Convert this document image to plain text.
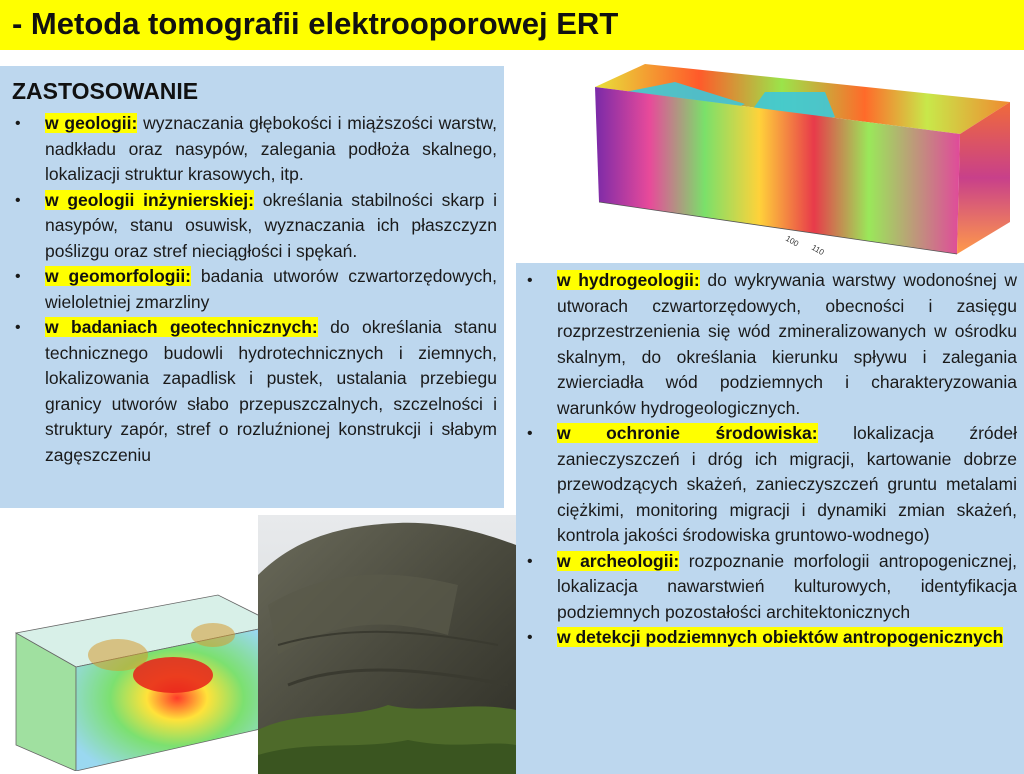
- Metoda tomografii elektrooporowej ERT
ZASTOSOWANIE
• w geologii: wyznaczania głębokości i miąższości warstw, nadkładu oraz nasypów, zalegania podłoża skalnego, lokalizacji struktur krasowych, itp.
• w geologii inżynierskiej: określania stabilności skarp i nasypów, stanu osuwisk, wyznaczania ich płaszczyzn poślizgu oraz stref nieciągłości i spękań.
• w geomorfologii: badania utworów czwartorzędowych, wieloletniej zmarzliny
• w badaniach geotechnicznych: do określania stanu technicznego budowli hydrotechnicznych i ziemnych, lokalizowania zapadlisk i pustek, ustalania przebiegu granicy utworów słabo przepuszczalnych, szczelności i struktury zapór, stref o rozluźnionej konstrukcji i słabym zagęszczeniu
• w hydrogeologii: do wykrywania warstwy wodonośnej w utworach czwartorzędowych, obecności i zasięgu rozprzestrzenienia się wód zmineralizowanych w ośrodku skalnym, do określania kierunku spływu i zalegania zwierciadła wód podziemnych i charakteryzowania warunków hydrogeologicznych.
• w ochronie środowiska: lokalizacja źródeł zanieczyszczeń i dróg ich migracji, kartowanie dobrze przewodzących skażeń, zanieczyszczeń gruntu metalami ciężkimi, monitoring migracji i dynamiki zmian skażeń, kontrola jakości środowiska gruntowo-wodnego)
• w archeologii: rozpoznanie morfologii antropogenicznej, lokalizacja nawarstwień kulturowych, identyfikacja podziemnych pozostałości architektonicznych
• w detekcji podziemnych obiektów antropogenicznych
100
110
